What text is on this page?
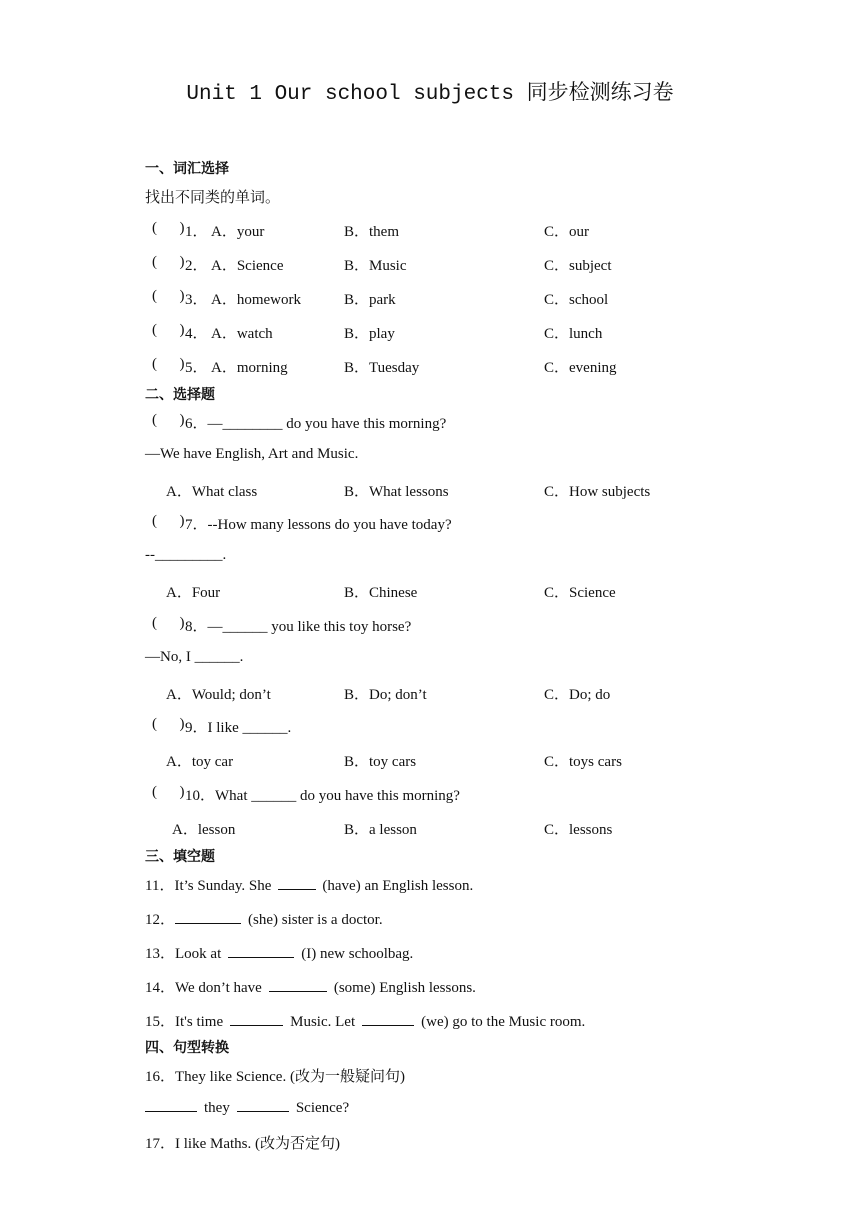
Unit 1 Our school subjects 同步检测练习卷
一、词汇选择
找出不同类的单词。
(      ) 1． A．your	B．them	C．our
(      ) 2． A．Science	B．Music	C．subject
(      ) 3． A．homework	B．park	C．school
(      ) 4． A．watch	B．play	C．lunch
(      ) 5． A．morning	B．Tuesday	C．evening
二、选择题
(      ) 6．—________ do you have this morning?
—We have English, Art and Music.
A．What class	B．What lessons	C．How subjects
(      ) 7．--How many lessons do you have today?
--_________.
A．Four	B．Chinese	C．Science
(      ) 8．—______ you like this toy horse?
—No, I ______.
A．Would; don’t	B．Do; don’t	C．Do; do
(      ) 9．I like ______.
A．toy car	B．toy cars	C．toys cars
(      ) 10．What ______ do you have this morning?
A．lesson	B．a lesson	C．lessons
三、填空题
11．It’s Sunday. She	(have) an English lesson.
12．	(she) sister is a doctor.
13．Look at	(I) new schoolbag.
14．We don’t have	(some) English lessons.
15．It's time	Music. Let	(we) go to the Music room.
四、句型转换
16．They like Science. (改为一般疑问句)
they	Science?
17．I like Maths. (改为否定句)
